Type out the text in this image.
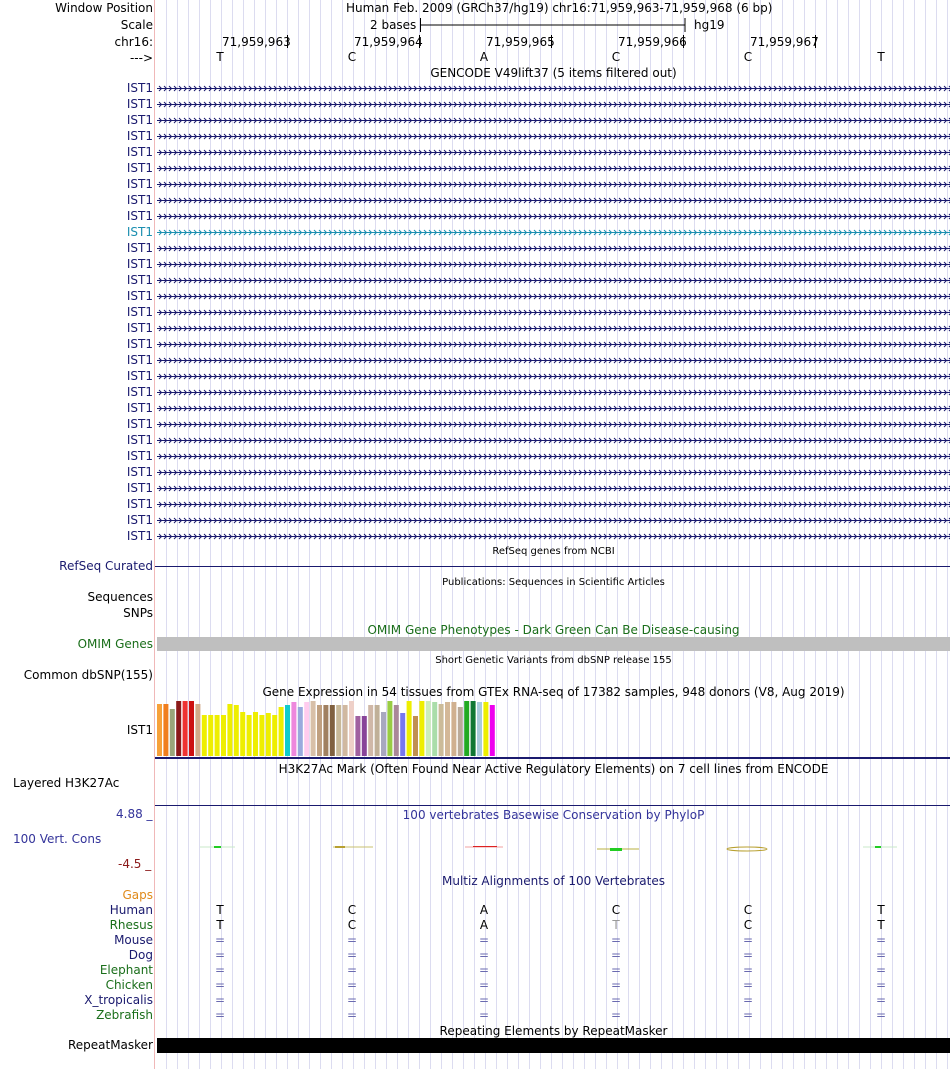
Window Position
Scale
chr16:
--->
Human Feb. 2009 (GRCh37/hg19) chr16:71,959,963-71,959,968 (6 bp)
2 bases	hg19
71,959,963	71,959,964	71,959,965	71,959,966	71,959,967
T	C	A	C	C	T
GENCODE V49lift37 (5 items filtered out)
IST1
IST1
IST1
IST1
IST1
IST1
IST1
IST1
IST1
IST1
IST1
IST1
IST1
IST1
IST1
IST1
IST1
IST1
IST1
IST1
IST1
IST1
IST1
IST1
IST1
IST1
IST1
IST1
IST1
RefSeq genes from NCBI
RefSeq Curated
Publications: Sequences in Scientific Articles
Sequences
SNPs
OMIM Gene Phenotypes - Dark Green Can Be Disease-causing
OMIM Genes
Short Genetic Variants from dbSNP release 155
Common dbSNP(155)
Gene Expression in 54 tissues from GTEx RNA-seq of 17382 samples, 948 donors (V8, Aug 2019)
IST1
H3K27Ac Mark (Often Found Near Active Regulatory Elements) on 7 cell lines from ENCODE
Layered H3K27Ac
100 vertebrates Basewise Conservation by PhyloP
4.88 _
100 Vert. Cons
-4.5 _
Multiz Alignments of 100 Vertebrates
Gaps
Human	T	C	A	C	C	T
Rhesus	T	C	A	T	C	T
Mouse	=	=	=	=	=	=
Dog	=	=	=	=	=	=
Elephant	=	=	=	=	=	=
Chicken	=	=	=	=	=	=
X_tropicalis	=	=	=	=	=	=
Zebrafish	=	=	=	=	=	=
Repeating Elements by RepeatMasker
RepeatMasker
